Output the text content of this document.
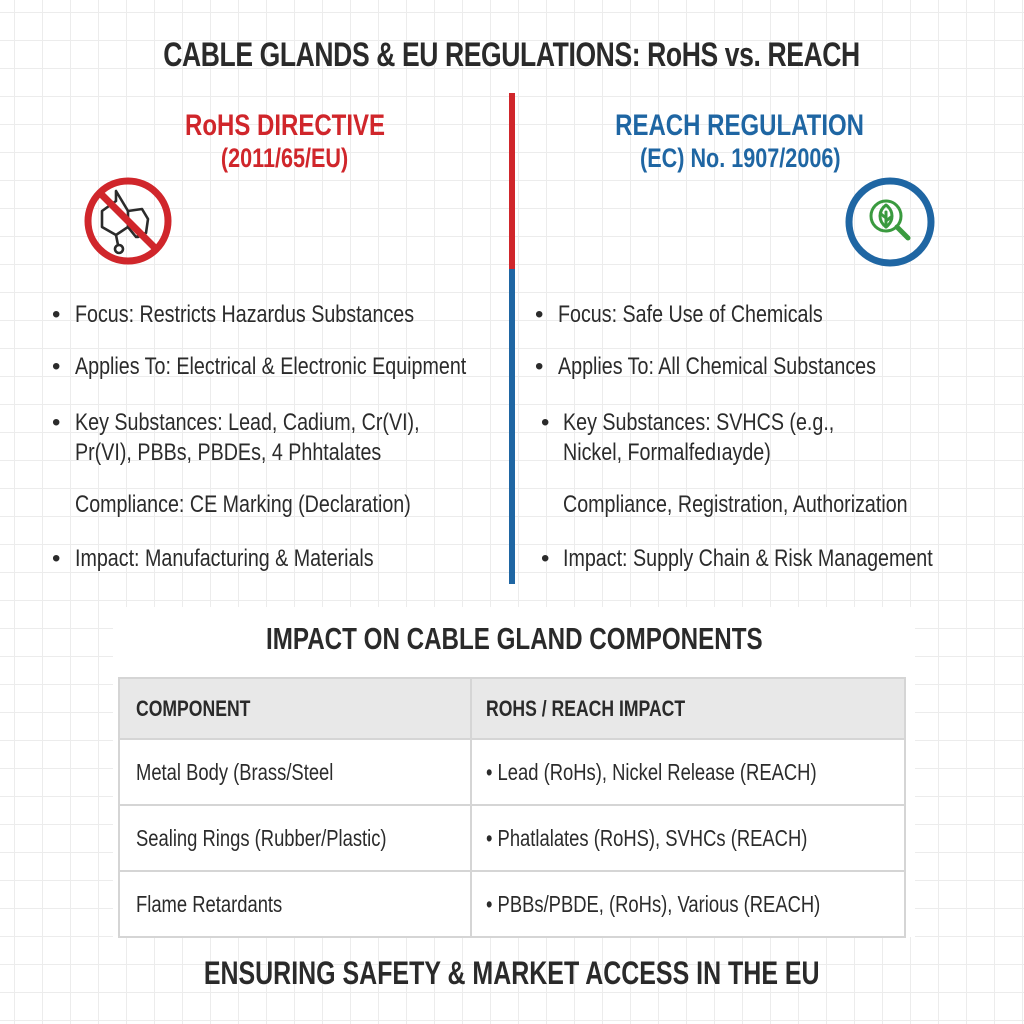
CABLE GLANDS & EU REGULATIONS: RoHS vs. REACH
RoHS DIRECTIVE
(2011/65/EU)
REACH REGULATION
(EC) No. 1907/2006)
• Focus: Restricts Hazardus Substances
• Applies To: Electrical & Electronic Equipment
• Key Substances: Lead, Cadium, Cr(VI),
Pr(VI), PBBs, PBDEs, 4 Phhtalates
Compliance: CE Marking (Declaration)
• Impact: Manufacturing & Materials
• Focus: Safe Use of Chemicals
• Applies To: All Chemical Substances
• Key Substances: SVHCS (e.g.,
Nickel, Formalfedıayde)
Compliance, Registration, Authorization
• Impact: Supply Chain & Risk Management
IMPACT ON CABLE GLAND COMPONENTS
COMPONENT	ROHS / REACH IMPACT
Metal Body (Brass/Steel	• Lead (RoHs), Nickel Release (REACH)
Sealing Rings (Rubber/Plastic)	• Phatlalates (RoHS), SVHCs (REACH)
Flame Retardants	• PBBs/PBDE, (RoHs), Various (REACH)
ENSURING SAFETY & MARKET ACCESS IN THE EU
